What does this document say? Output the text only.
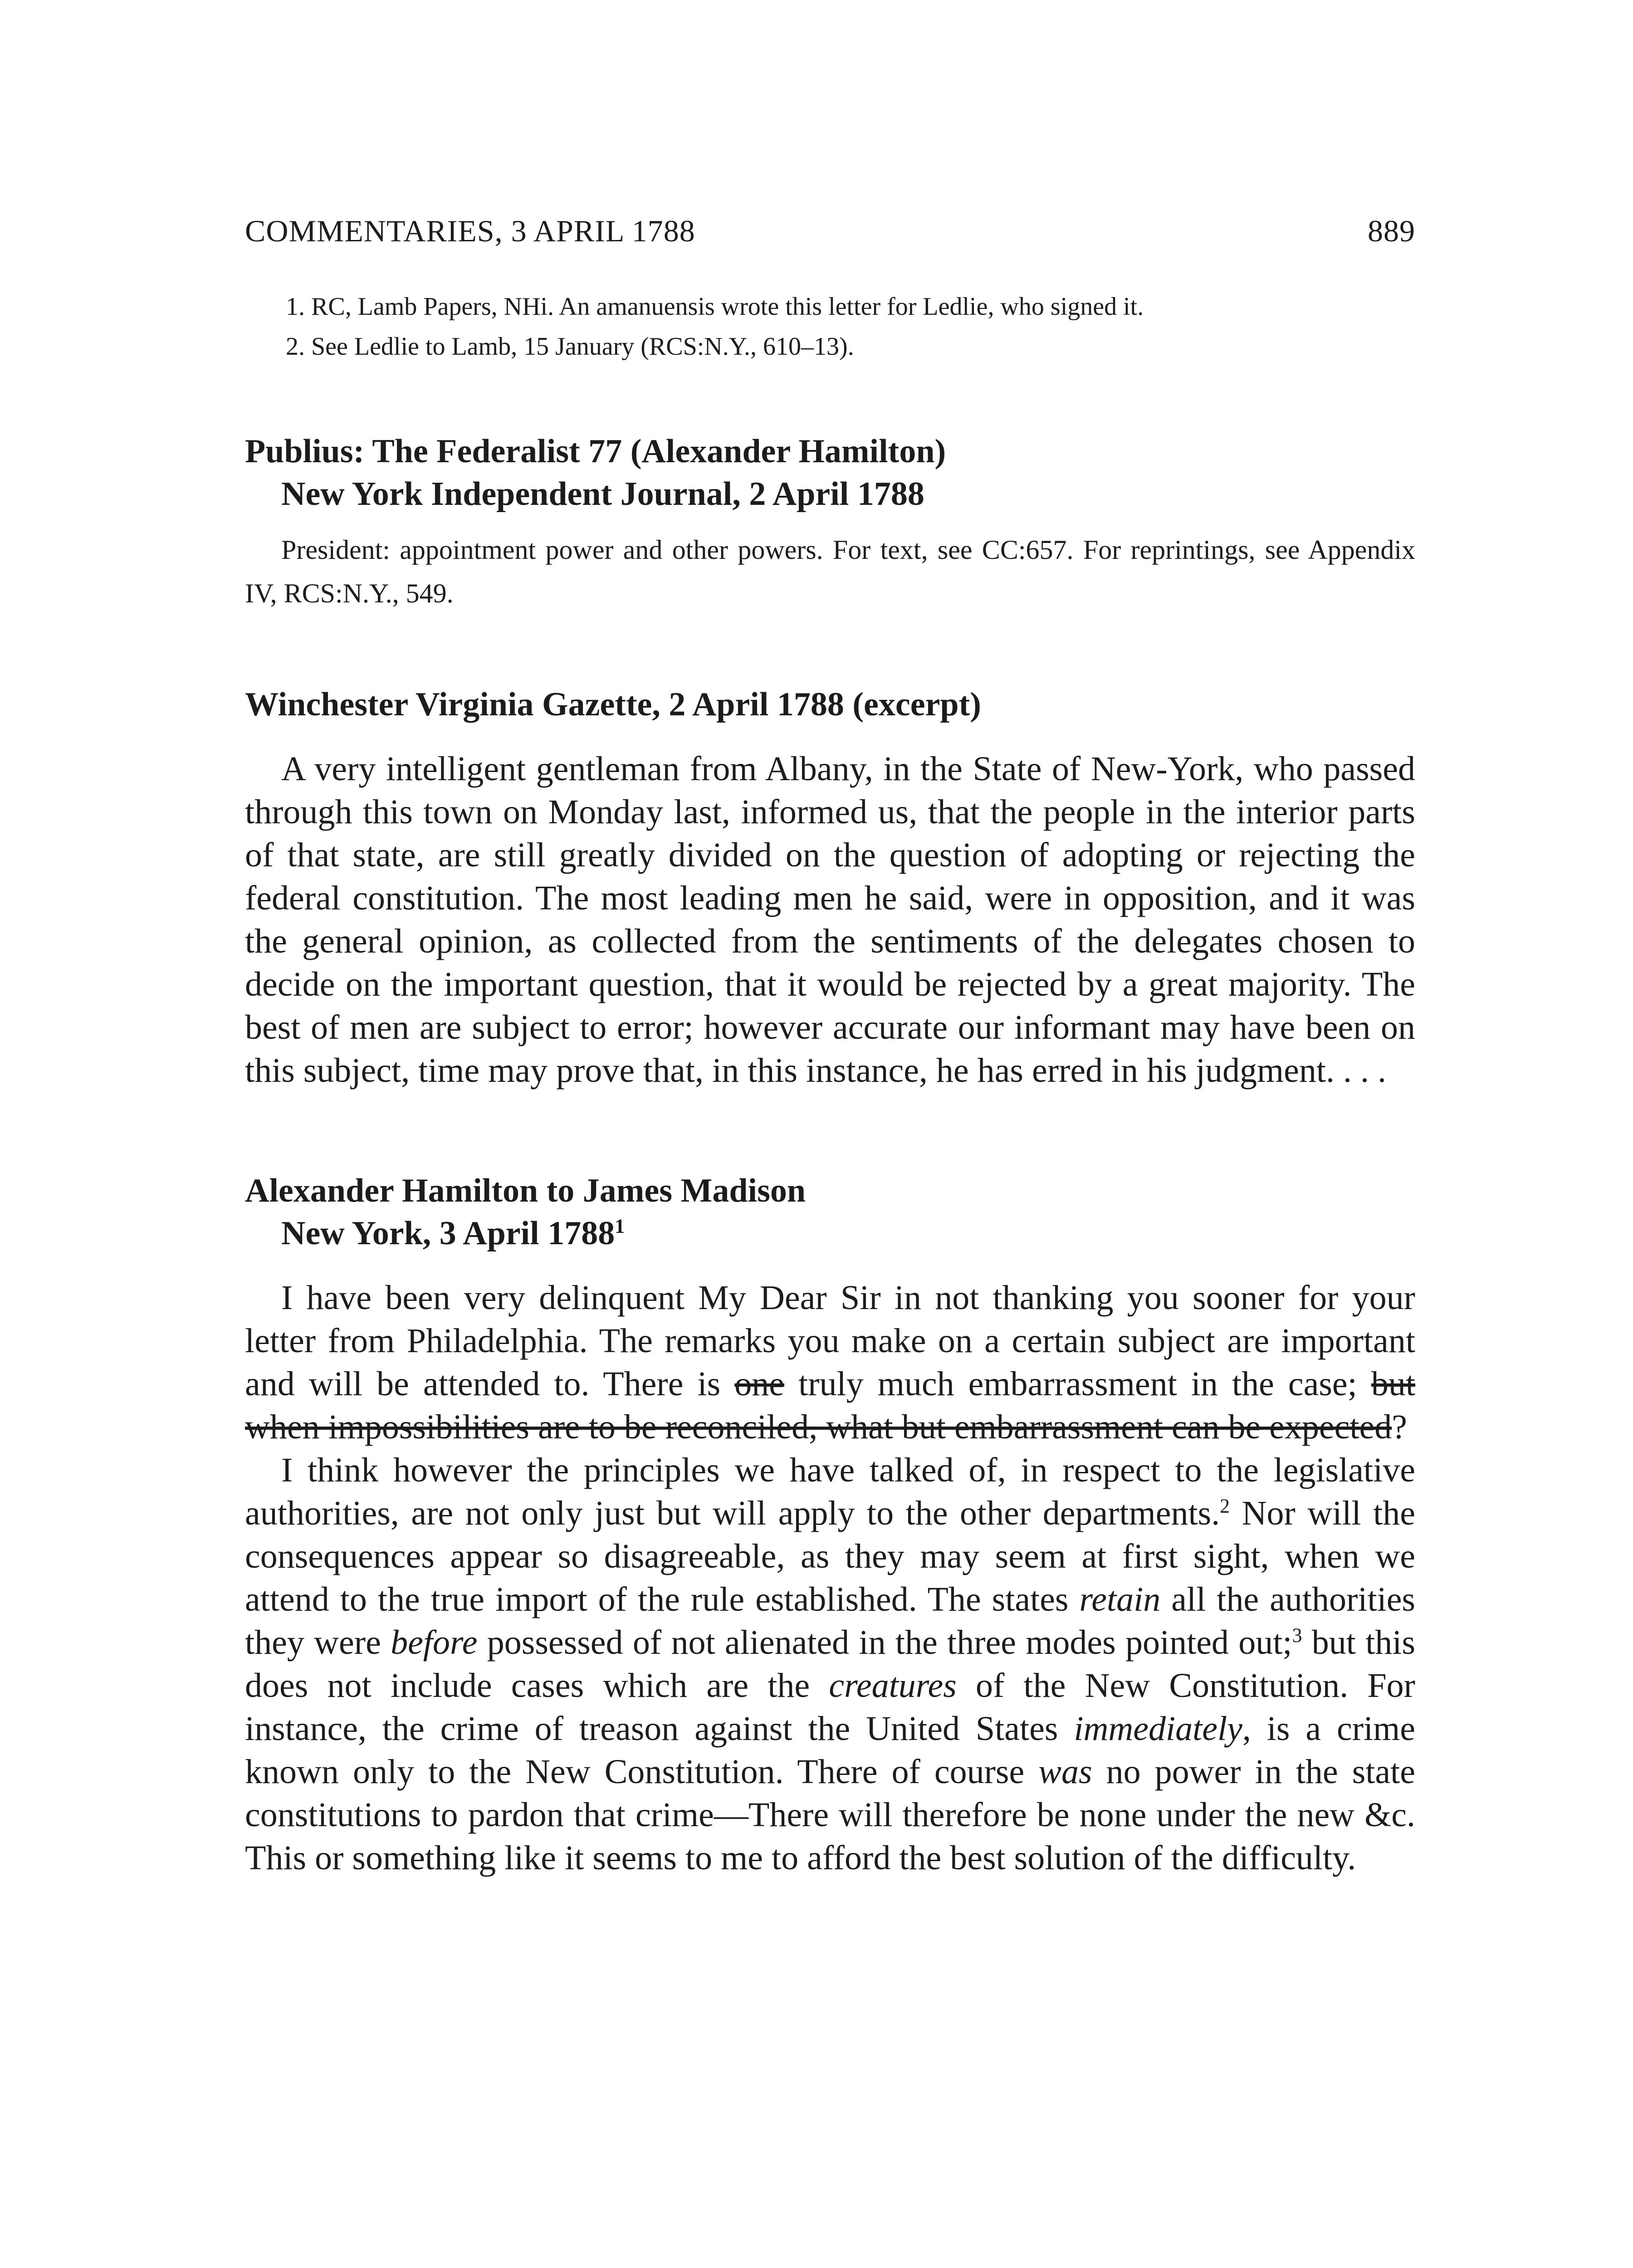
COMMENTARIES, 3 APRIL 1788	889
1. RC, Lamb Papers, NHi. An amanuensis wrote this letter for Ledlie, who signed it.
2. See Ledlie to Lamb, 15 January (RCS:N.Y., 610–13).
Publius: The Federalist 77 (Alexander Hamilton)
New York Independent Journal, 2 April 1788
President: appointment power and other powers. For text, see CC:657. For reprintings, see Appendix IV, RCS:N.Y., 549.
Winchester Virginia Gazette, 2 April 1788 (excerpt)

A very intelligent gentleman from Albany, in the State of New-York, who passed through this town on Monday last, informed us, that the people in the interior parts of that state, are still greatly divided on the question of adopting or rejecting the federal constitution. The most leading men he said, were in opposition, and it was the general opinion, as collected from the sentiments of the delegates chosen to decide on the important question, that it would be rejected by a great majority. The best of men are subject to error; however accurate our informant may have been on this subject, time may prove that, in this instance, he has erred in his judgment. . . .

Alexander Hamilton to James Madison
New York, 3 April 1788$^1$

I have been very delinquent My Dear Sir in not thanking you sooner for your letter from Philadelphia. The remarks you make on a certain subject are important and will be attended to. There is one truly much embarrassment in the case; but when impossibilities are to be reconciled, what but embarrassment can be expected?

I think however the principles we have talked of, in respect to the legislative authorities, are not only just but will apply to the other departments.$^2$ Nor will the consequences appear so disagreeable, as they may seem at first sight, when we attend to the true import of the rule established. The states retain all the authorities they were before possessed of not alienated in the three modes pointed out;$^3$ but this does not include cases which are the creatures of the New Constitution. For instance, the crime of treason against the United States immediately, is a crime known only to the New Constitution. There of course was no power in the state constitutions to pardon that crime—There will therefore be none under the new &c. This or something like it seems to me to afford the best solution of the difficulty.
